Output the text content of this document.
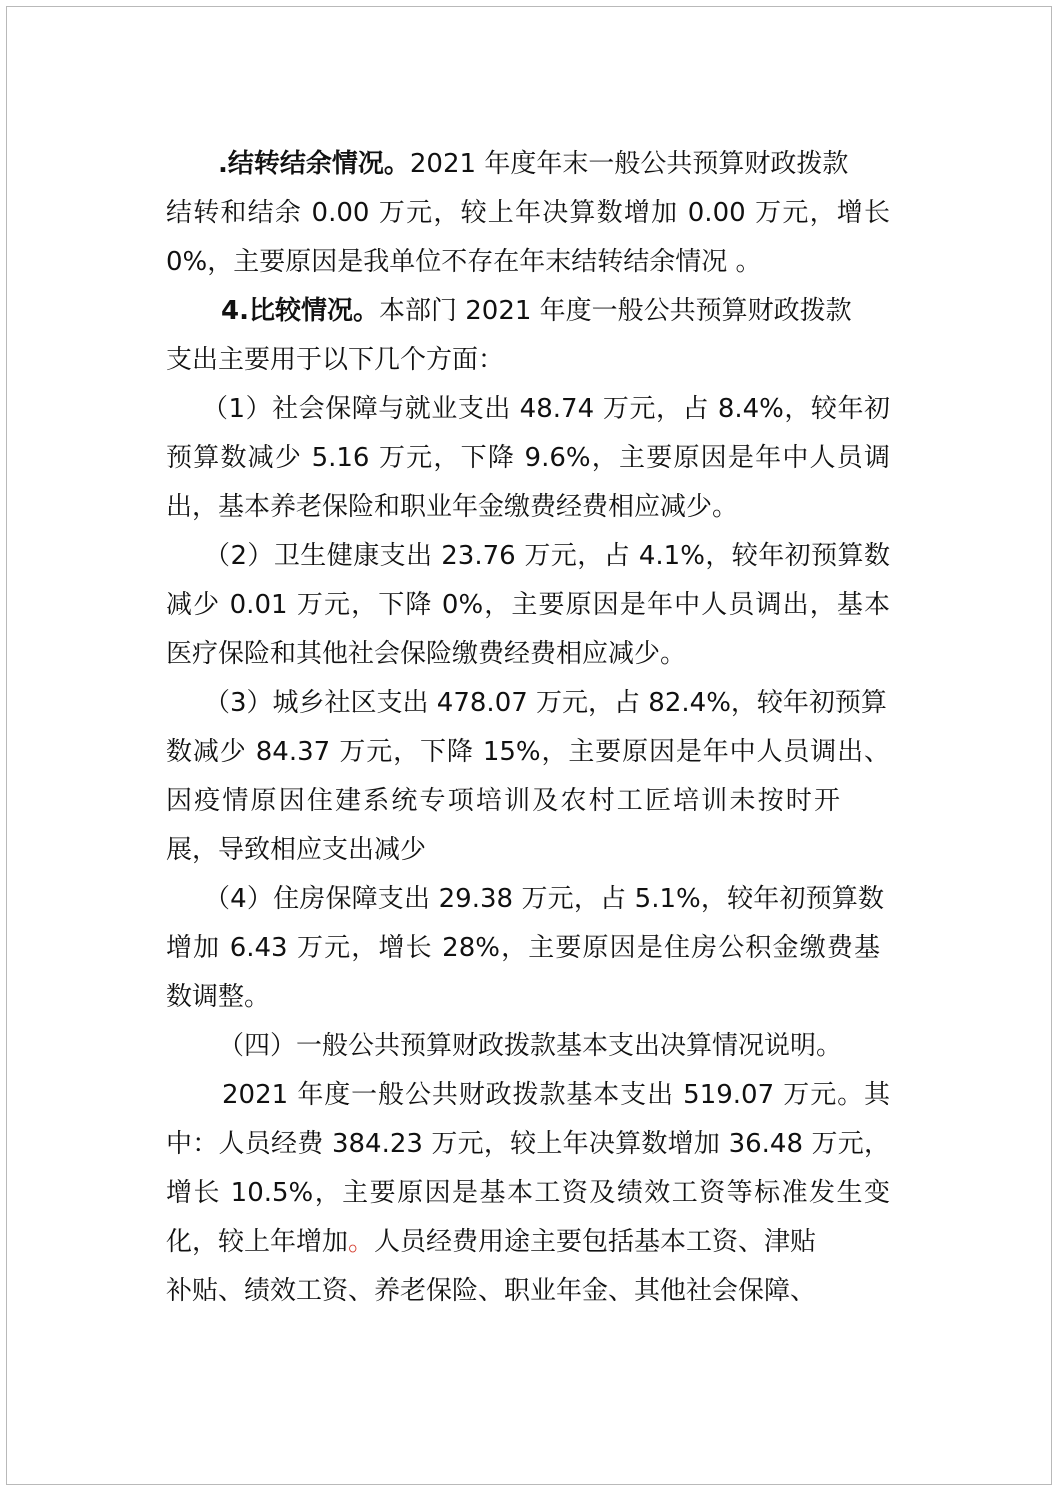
.结转结余情况。2021 年度年末一般公共预算财政拨款
结转和结余 0.00 万元，较上年决算数增加 0.00 万元，增长
0%，主要原因是我单位不存在年末结转结余情况 。
4.比较情况。本部门 2021 年度一般公共预算财政拨款
支出主要用于以下几个方面：
（1）社会保障与就业支出 48.74 万元，占 8.4%，较年初
预算数减少 5.16 万元，下降 9.6%，主要原因是年中人员调
出，基本养老保险和职业年金缴费经费相应减少。
（2）卫生健康支出 23.76 万元，占 4.1%，较年初预算数
减少 0.01 万元，下降 0%，主要原因是年中人员调出，基本
医疗保险和其他社会保险缴费经费相应减少。
（3）城乡社区支出 478.07 万元，占 82.4%，较年初预算
数减少 84.37 万元，下降 15%，主要原因是年中人员调出、
因疫情原因住建系统专项培训及农村工匠培训未按时开
展，导致相应支出减少
（4）住房保障支出 29.38 万元，占 5.1%，较年初预算数
增加 6.43 万元，增长 28%，主要原因是住房公积金缴费基
数调整。
（四）一般公共预算财政拨款基本支出决算情况说明。
2021 年度一般公共财政拨款基本支出 519.07 万元。其
中：人员经费 384.23 万元，较上年决算数增加 36.48 万元，
增长 10.5%，主要原因是基本工资及绩效工资等标准发生变
化，较上年增加。人员经费用途主要包括基本工资、津贴
补贴、绩效工资、养老保险、职业年金、其他社会保障、
